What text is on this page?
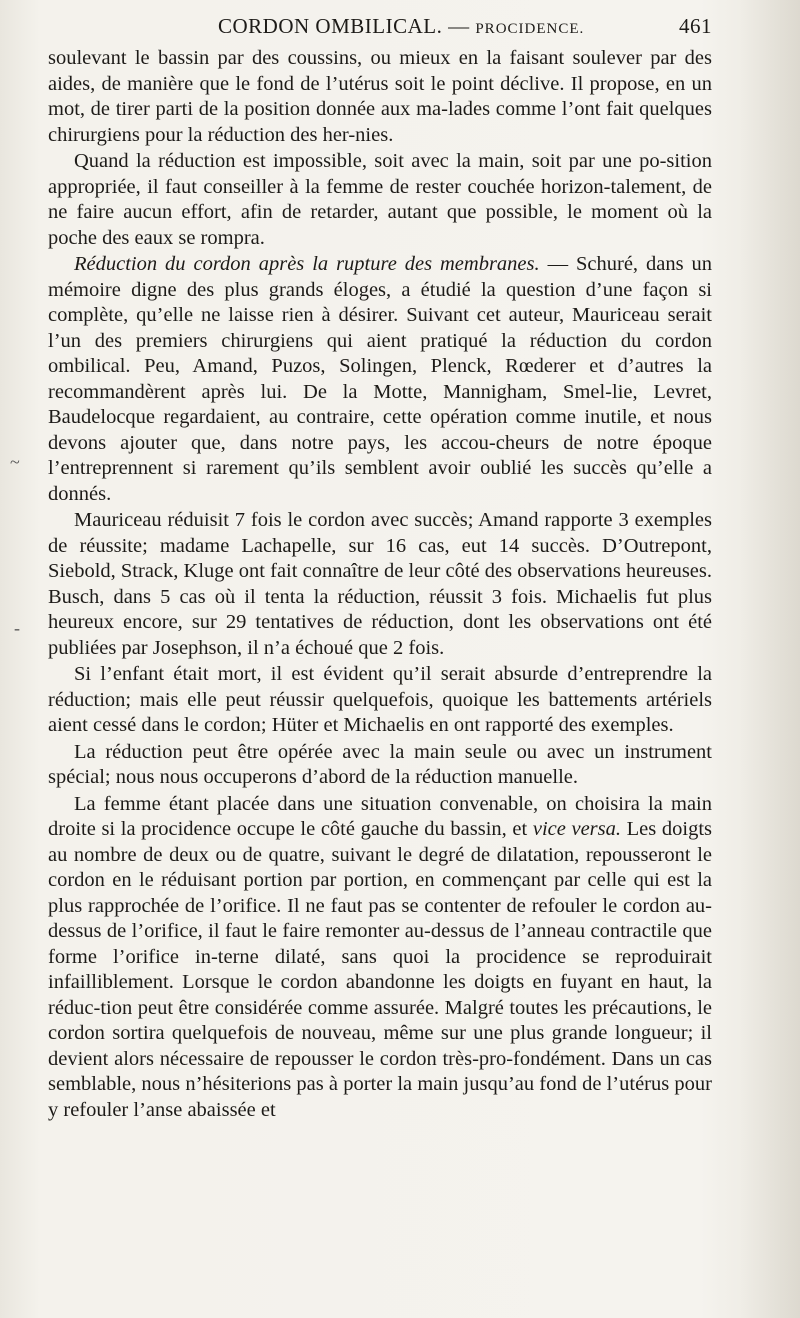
CORDON OMBILICAL. — PROCIDENCE.	461

soulevant le bassin par des coussins, ou mieux en la faisant soulever par des aides, de manière que le fond de l’utérus soit le point déclive. Il propose, en un mot, de tirer parti de la position donnée aux ma-lades comme l’ont fait quelques chirurgiens pour la réduction des her-nies.

Quand la réduction est impossible, soit avec la main, soit par une po-sition appropriée, il faut conseiller à la femme de rester couchée horizon-talement, de ne faire aucun effort, afin de retarder, autant que possible, le moment où la poche des eaux se rompra.

Réduction du cordon après la rupture des membranes. — Schuré, dans un mémoire digne des plus grands éloges, a étudié la question d’une façon si complète, qu’elle ne laisse rien à désirer. Suivant cet auteur, Mauriceau serait l’un des premiers chirurgiens qui aient pratiqué la réduction du cordon ombilical. Peu, Amand, Puzos, Solingen, Plenck, Rœderer et d’autres la recommandèrent après lui. De la Motte, Mannigham, Smel-lie, Levret, Baudelocque regardaient, au contraire, cette opération comme inutile, et nous devons ajouter que, dans notre pays, les accou-cheurs de notre époque l’entreprennent si rarement qu’ils semblent avoir oublié les succès qu’elle a donnés.

Mauriceau réduisit 7 fois le cordon avec succès; Amand rapporte 3 exemples de réussite; madame Lachapelle, sur 16 cas, eut 14 succès. D’Outrepont, Siebold, Strack, Kluge ont fait connaître de leur côté des observations heureuses. Busch, dans 5 cas où il tenta la réduction, réussit 3 fois. Michaelis fut plus heureux encore, sur 29 tentatives de réduction, dont les observations ont été publiées par Josephson, il n’a échoué que 2 fois.

Si l’enfant était mort, il est évident qu’il serait absurde d’entreprendre la réduction; mais elle peut réussir quelquefois, quoique les battements artériels aient cessé dans le cordon; Hüter et Michaelis en ont rapporté des exemples.

La réduction peut être opérée avec la main seule ou avec un instrument spécial; nous nous occuperons d’abord de la réduction manuelle.

La femme étant placée dans une situation convenable, on choisira la main droite si la procidence occupe le côté gauche du bassin, et vice versa. Les doigts au nombre de deux ou de quatre, suivant le degré de dilatation, repousseront le cordon en le réduisant portion par portion, en commençant par celle qui est la plus rapprochée de l’orifice. Il ne faut pas se contenter de refouler le cordon au-dessus de l’orifice, il faut le faire remonter au-dessus de l’anneau contractile que forme l’orifice in-terne dilaté, sans quoi la procidence se reproduirait infailliblement. Lorsque le cordon abandonne les doigts en fuyant en haut, la réduc-tion peut être considérée comme assurée. Malgré toutes les précautions, le cordon sortira quelquefois de nouveau, même sur une plus grande longueur; il devient alors nécessaire de repousser le cordon très-pro-fondément. Dans un cas semblable, nous n’hésiterions pas à porter la main jusqu’au fond de l’utérus pour y refouler l’anse abaissée et

~
-
